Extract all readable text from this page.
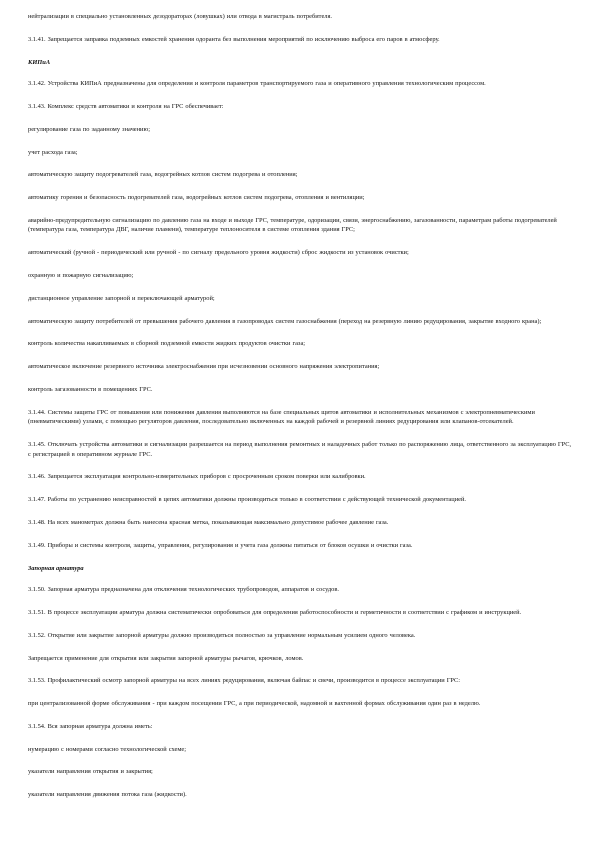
нейтрализации в специально установленных дезодораторах (ловушках) или отвода в магистраль потребителя.

3.1.41. Запрещается заправка подземных емкостей хранения одоранта без выполнения мероприятий по исключению выброса его паров в атмосферу.

КИПиА

3.1.42. Устройства КИПиА предназначены для определения и контроля параметров транспортируемого газа и оперативного управления технологическим процессом.

3.1.43. Комплекс средств автоматики и контроля на ГРС обеспечивает:

регулирование газа по заданному значению;

учет расхода газа;

автоматическую защиту подогревателей газа, водогрейных котлов систем подогрева и отопления;

автоматику горения и безопасность подогревателей газа, водогрейных котлов систем подогрева, отопления и вентиляции;

аварийно-предупредительную сигнализацию по давлению газа на входе и выходе ГРС, температуре, одоризации, связи, энергоснабжению, загазованности, параметрам работы подогревателей (температура газа, температура ДВГ, наличие пламени), температуре теплоносителя в системе отопления здания ГРС;

автоматический (ручной - периодический или ручной - по сигналу предельного уровня жидкости) сброс жидкости из установок очистки;

охранную и пожарную сигнализацию;

дистанционное управление запорной и переключающей арматурой;

автоматическую защиту потребителей от превышения рабочего давления в газопроводах систем газоснабжения (переход на резервную линию редуцирования, закрытие входного крана);

контроль количества накапливаемых в сборной подземной емкости жидких продуктов очистки газа;

автоматическое включение резервного источника электроснабжения при исчезновении основного напряжения электропитания;

контроль загазованности в помещениях ГРС.

3.1.44. Системы защиты ГРС от повышения или понижения давления выполняются на базе специальных щитов автоматики и исполнительных механизмов с электропневматическими (пневматическими) узлами, с помощью регуляторов давления, последовательно включенных на каждой рабочей и резервной линиях редуцирования или клапанов-отсекателей.

3.1.45. Отключать устройства автоматики и сигнализации разрешается на период выполнения ремонтных и наладочных работ только по распоряжению лица, ответственного за эксплуатацию ГРС, с регистрацией в оперативном журнале ГРС.

3.1.46. Запрещается эксплуатация контрольно-измерительных приборов с просроченным сроком поверки или калибровки.

3.1.47. Работы по устранению неисправностей в цепях автоматики должны производиться только в соответствии с действующей технической документацией.

3.1.48. На всех манометрах должна быть нанесена красная метка, показывающая максимально допустимое рабочее давление газа.

3.1.49. Приборы и системы контроля, защиты, управления, регулирования и учета газа должны питаться от блоков осушки и очистки газа.

Запорная арматура

3.1.50. Запорная арматура предназначена для отключения технологических трубопроводов, аппаратов и сосудов.

3.1.51. В процессе эксплуатации арматура должна систематически опробоваться для определения работоспособности и герметичности в соответствии с графиком и инструкцией.

3.1.52. Открытие или закрытие запорной арматуры должно производиться полностью за управление нормальным усилием одного человека.

Запрещается применение для открытия или закрытия запорной арматуры рычагов, крючков, ломов.

3.1.53. Профилактический осмотр запорной арматуры на всех линиях редуцирования, включая байпас и свечи, производится в процессе эксплуатации ГРС:

при централизованной форме обслуживания - при каждом посещении ГРС, а при периодической, надомной и вахтенной формах обслуживания один раз в неделю.

3.1.54. Вся запорная арматура должна иметь:

нумерацию с номерами согласно технологической схеме;

указатели направления открытия и закрытия;

указатели направления движения потока газа (жидкости).
